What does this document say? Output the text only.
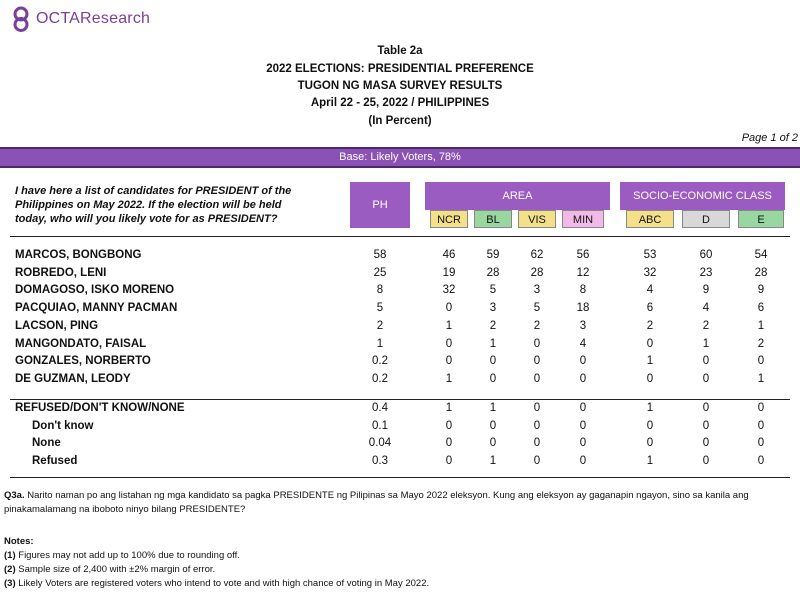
OCTAResearch
Table 2a
2022 ELECTIONS: PRESIDENTIAL PREFERENCE
TUGON NG MASA SURVEY RESULTS
April 22 - 25, 2022 / PHILIPPINES
(In Percent)
Page 1 of 2
Base: Likely Voters, 78%
I have here a list of candidates for PRESIDENT of the Philippines on May 2022. If the election will be held today, who will you likely vote for as PRESIDENT?
PH
AREA	SOCIO-ECONOMIC CLASS
NCR	BL	VIS	MIN	ABC	D	E
MARCOS, BONGBONG	58	46	59	62	56	53	60	54
ROBREDO, LENI	25	19	28	28	12	32	23	28
DOMAGOSO, ISKO MORENO	8	32	5	3	8	4	9	9
PACQUIAO, MANNY PACMAN	5	0	3	5	18	6	4	6
LACSON, PING	2	1	2	2	3	2	2	1
MANGONDATO, FAISAL	1	0	1	0	4	0	1	2
GONZALES, NORBERTO	0.2	0	0	0	0	1	0	0
DE GUZMAN, LEODY	0.2	1	0	0	0	0	0	1
REFUSED/DON'T KNOW/NONE	0.4	1	1	0	0	1	0	0
Don't know	0.1	0	0	0	0	0	0	0
None	0.04	0	0	0	0	0	0	0
Refused	0.3	0	1	0	0	1	0	0
Q3a. Narito naman po ang listahan ng mga kandidato sa pagka PRESIDENTE ng Pilipinas sa Mayo 2022 eleksyon. Kung ang eleksyon ay gaganapin ngayon, sino sa kanila ang pinakamalamang na iboboto ninyo bilang PRESIDENTE?
Notes:
(1) Figures may not add up to 100% due to rounding off.
(2) Sample size of 2,400 with ±2% margin of error.
(3) Likely Voters are registered voters who intend to vote and with high chance of voting in May 2022.
